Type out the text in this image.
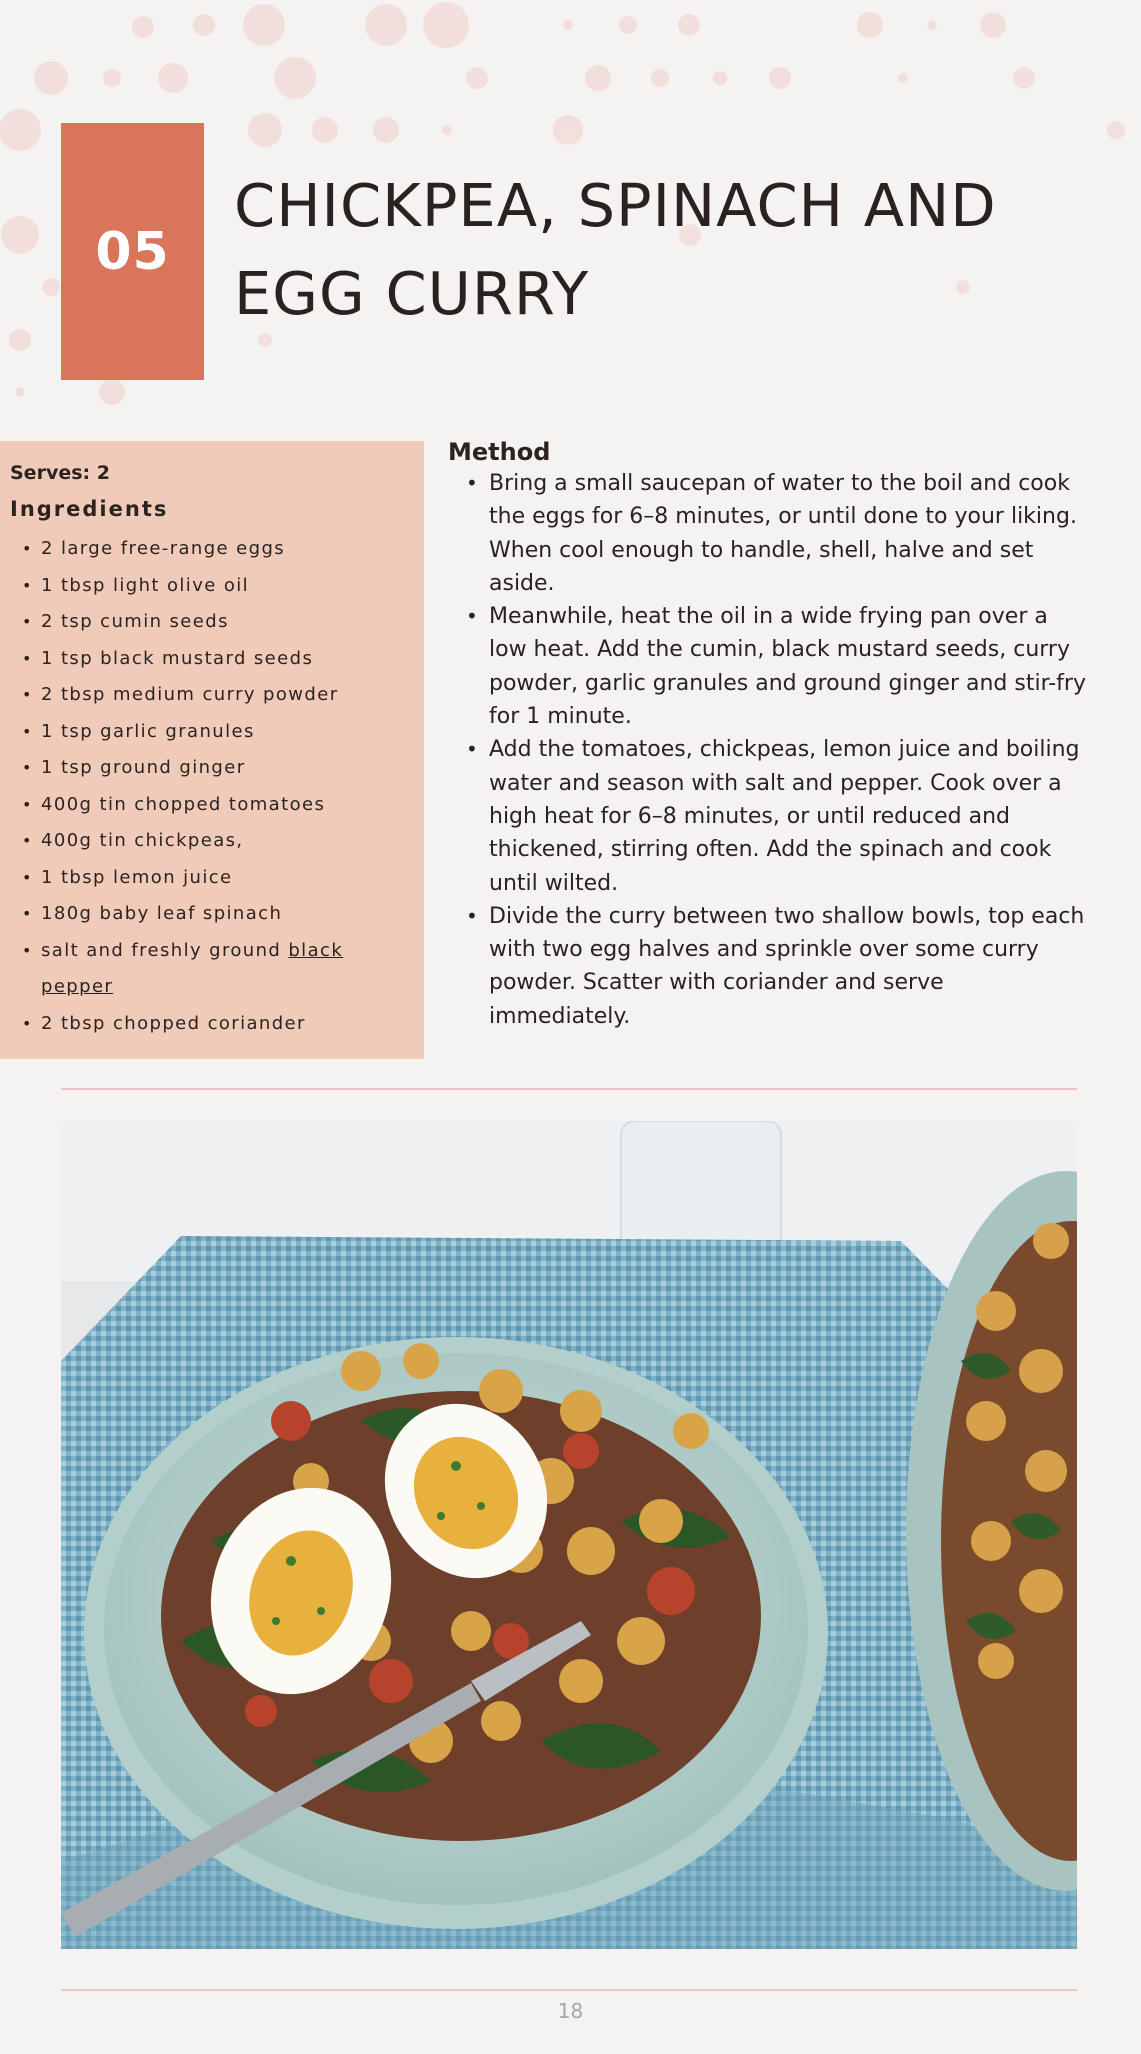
05
CHICKPEA, SPINACH AND
EGG CURRY

Serves: 2

Ingredients

• 2 large free-range eggs
• 1 tbsp light olive oil
• 2 tsp cumin seeds
• 1 tsp black mustard seeds
• 2 tbsp medium curry powder
• 1 tsp garlic granules
• 1 tsp ground ginger
• 400g tin chopped tomatoes
• 400g tin chickpeas,
• 1 tbsp lemon juice
• 180g baby leaf spinach
• salt and freshly ground black
pepper
• 2 tbsp chopped coriander
Method
• Bring a small saucepan of water to the boil and cook the eggs for 6–8 minutes, or until done to your liking. When cool enough to handle, shell, halve and set aside.
• Meanwhile, heat the oil in a wide frying pan over a low heat. Add the cumin, black mustard seeds, curry powder, garlic granules and ground ginger and stir-fry for 1 minute.
• Add the tomatoes, chickpeas, lemon juice and boiling water and season with salt and pepper. Cook over a high heat for 6–8 minutes, or until reduced and thickened, stirring often. Add the spinach and cook until wilted.
• Divide the curry between two shallow bowls, top each with two egg halves and sprinkle over some curry powder. Scatter with coriander and serve immediately.
18
